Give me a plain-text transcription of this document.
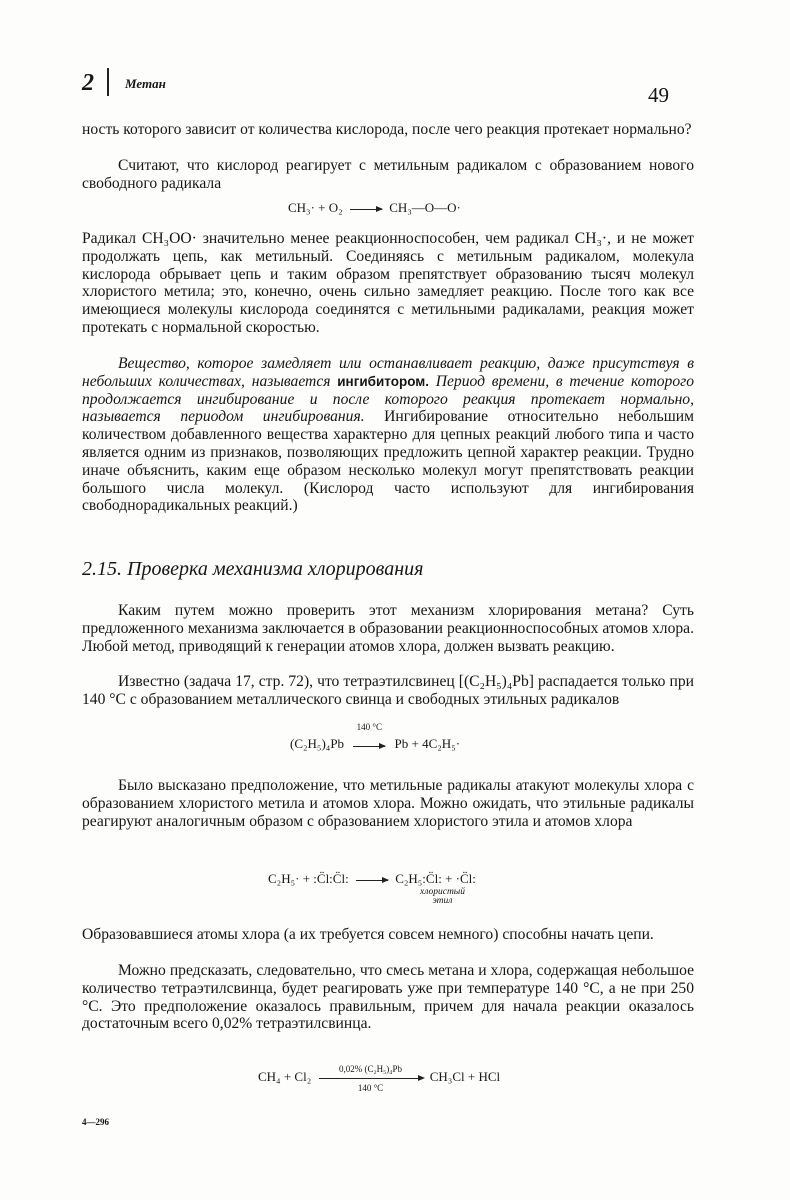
2 Метан	49

ность которого зависит от количества кислорода, после чего реакция протекает нормально?

Считают, что кислород реагирует с метильным радикалом с образованием нового свободного радикала

CH₃· + O₂ → CH₃—O—O·

Радикал CH₃OO· значительно менее реакционноспособен, чем радикал CH₃·, и не может продолжать цепь, как метильный. Соединяясь с метильным радикалом, молекула кислорода обрывает цепь и таким образом препятствует образованию тысяч молекул хлористого метила; это, конечно, очень сильно замедляет реакцию. После того как все имеющиеся молекулы кислорода соединятся с метильными радикалами, реакция может протекать с нормальной скоростью.

Вещество, которое замедляет или останавливает реакцию, даже присутствуя в небольших количествах, называется ингибитором. Период времени, в течение которого продолжается ингибирование и после которого реакция протекает нормально, называется периодом ингибирования. Ингибирование относительно небольшим количеством добавленного вещества характерно для цепных реакций любого типа и часто является одним из признаков, позволяющих предложить цепной характер реакции. Трудно иначе объяснить, каким еще образом несколько молекул могут препятствовать реакции большого числа молекул. (Кислород часто используют для ингибирования свободнорадикальных реакций.)

2.15. Проверка механизма хлорирования

Каким путем можно проверить этот механизм хлорирования метана? Суть предложенного механизма заключается в образовании реакционноспособных атомов хлора. Любой метод, приводящий к генерации атомов хлора, должен вызвать реакцию.

Известно (задача 17, стр. 72), что тетраэтилсвинец [(C₂H₅)₄Pb] распадается только при 140 °C с образованием металлического свинца и свободных этильных радикалов

(C₂H₅)₄Pb
140 °C
Pb + 4C₂H₅·

Было высказано предположение, что метильные радикалы атакуют молекулы хлора с образованием хлористого метила и атомов хлора. Можно ожидать, что этильные радикалы реагируют аналогичным образом с образованием хлористого этила и атомов хлора

C₂H₅· + :C̈l:C̈l: → C₂H₅:C̈l: + ·C̈l:
хлористый
этил

Образовавшиеся атомы хлора (а их требуется совсем немного) способны начать цепи.

Можно предсказать, следовательно, что смесь метана и хлора, содержащая небольшое количество тетраэтилсвинца, будет реагировать уже при температуре 140 °C, а не при 250 °C. Это предположение оказалось правильным, причем для начала реакции оказалось достаточным всего 0,02% тетраэтилсвинца.

$CH_4 + Cl_2 \frac{\text{0,02\% (C₂H₅)₄Pb}}{140 ^\circ C} CH_3Cl$ + HCl
4—296
